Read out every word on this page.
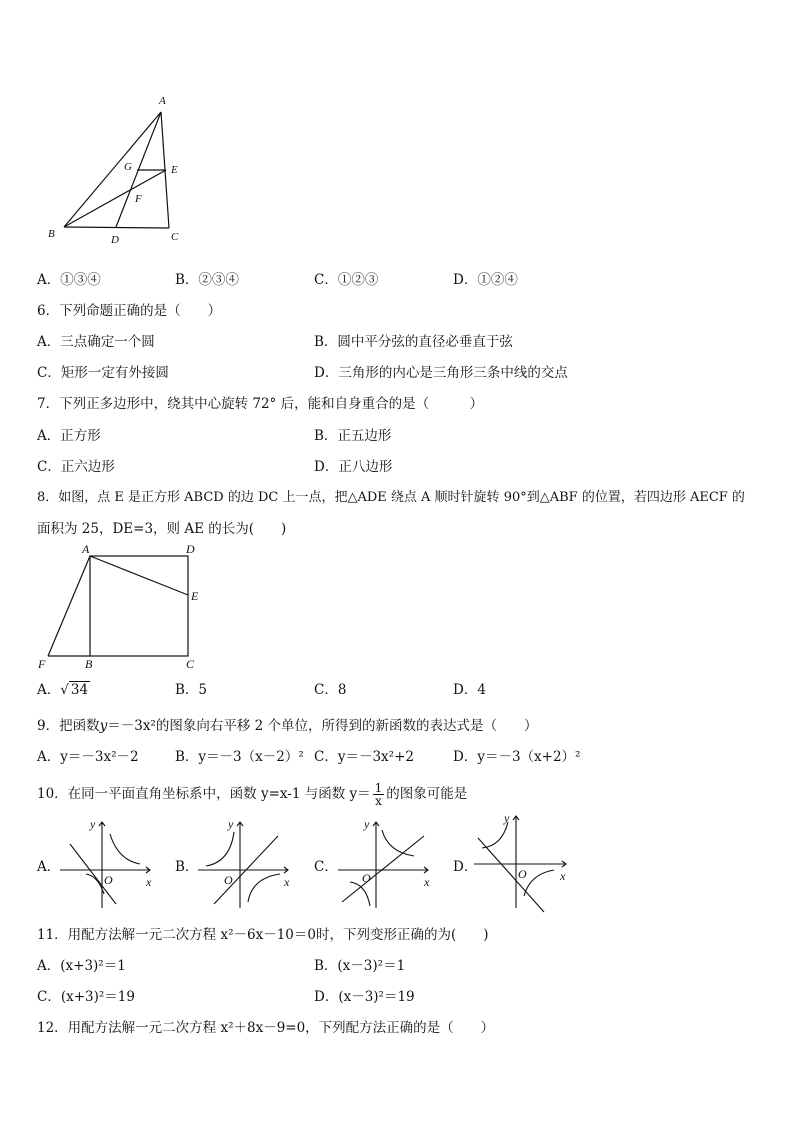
A
B	C
D
E
F
G
A．①③④	B．②③④	C．①②③	D．①②④
6．下列命题正确的是（　　）
A．三点确定一个圆	B．圆中平分弦的直径必垂直于弦
C．矩形一定有外接圆	D．三角形的内心是三角形三条中线的交点
7．下列正多边形中，绕其中心旋转 72° 后，能和自身重合的是（　　　）
A．正方形	B．正五边形
C．正六边形	D．正八边形
8．如图，点 E 是正方形 ABCD 的边 DC 上一点，把△ADE 绕点 A 顺时针旋转 90°到△ABF 的位置，若四边形 AECF 的
面积为 25，DE=3，则 AE 的长为(　　)
A	D
E
F	B	C
A．√ 34	B．5	C．8	D．4
9．把函数y＝－3x²的图象向右平移 2 个单位，所得到的新函数的表达式是（　　）
A．y＝－3x²－2	B．y＝－3（x－2）² C．y＝－3x²+2	D．y＝－3（x+2）²
10．在同一平面直角坐标系中，函数 y=x-1 与函数 $y= \frac{1}{x}$ 的图象可能是
A．
y
x
O
B．
y
x
O
C．
y
x
O
D．
y
x
O
11．用配方法解一元二次方程 x²－6x－10＝0时，下列变形正确的为(　　)
A．(x+3)²＝1	B．(x－3)²＝1
C．(x+3)²＝19	D．(x－3)²＝19
12．用配方法解一元二次方程 x²＋8x－9=0，下列配方法正确的是（　　）
